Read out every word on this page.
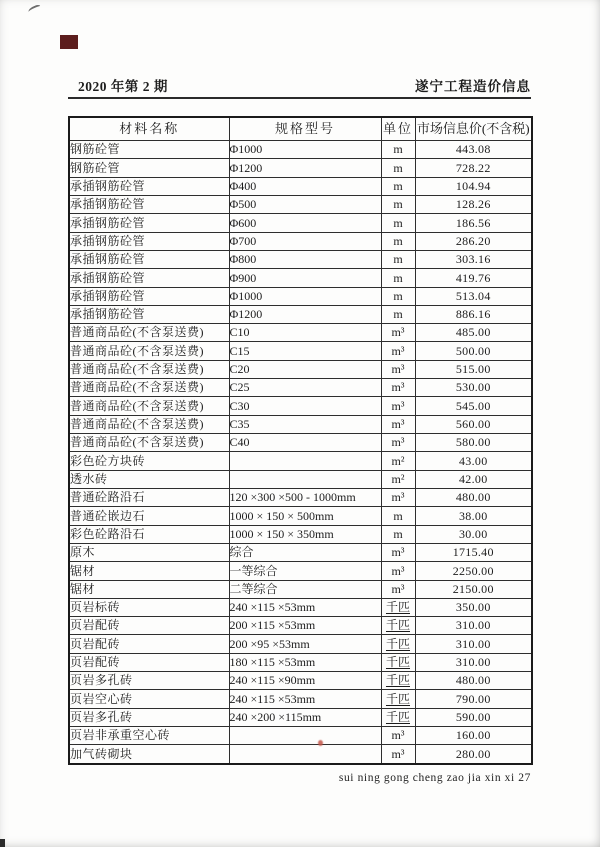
2020 年第 2 期	遂宁工程造价信息
材料名称	规格型号	单位	市场信息价(不含税)
钢筋砼管	Φ1000	m	443.08
钢筋砼管	Φ1200	m	728.22
承插钢筋砼管	Φ400	m	104.94
承插钢筋砼管	Φ500	m	128.26
承插钢筋砼管	Φ600	m	186.56
承插钢筋砼管	Φ700	m	286.20
承插钢筋砼管	Φ800	m	303.16
承插钢筋砼管	Φ900	m	419.76
承插钢筋砼管	Φ1000	m	513.04
承插钢筋砼管	Φ1200	m	886.16
普通商品砼(不含泵送费)	C10	m³	485.00
普通商品砼(不含泵送费)	C15	m³	500.00
普通商品砼(不含泵送费)	C20	m³	515.00
普通商品砼(不含泵送费)	C25	m³	530.00
普通商品砼(不含泵送费)	C30	m³	545.00
普通商品砼(不含泵送费)	C35	m³	560.00
普通商品砼(不含泵送费)	C40	m³	580.00
彩色砼方块砖		m²	43.00
透水砖		m²	42.00
普通砼路沿石	120 ×300 ×500 - 1000mm	m³	480.00
普通砼嵌边石	1000 × 150 × 500mm	m	38.00
彩色砼路沿石	1000 × 150 × 350mm	m	30.00
原木	综合	m³	1715.40
锯材	一等综合	m³	2250.00
锯材	二等综合	m³	2150.00
页岩标砖	240 ×115 ×53mm	千匹	350.00
页岩配砖	200 ×115 ×53mm	千匹	310.00
页岩配砖	200 ×95 ×53mm	千匹	310.00
页岩配砖	180 ×115 ×53mm	千匹	310.00
页岩多孔砖	240 ×115 ×90mm	千匹	480.00
页岩空心砖	240 ×115 ×53mm	千匹	790.00
页岩多孔砖	240 ×200 ×115mm	千匹	590.00
页岩非承重空心砖		m³	160.00
加气砖砌块		m³	280.00
sui ning gong cheng zao jia xin xi 27
